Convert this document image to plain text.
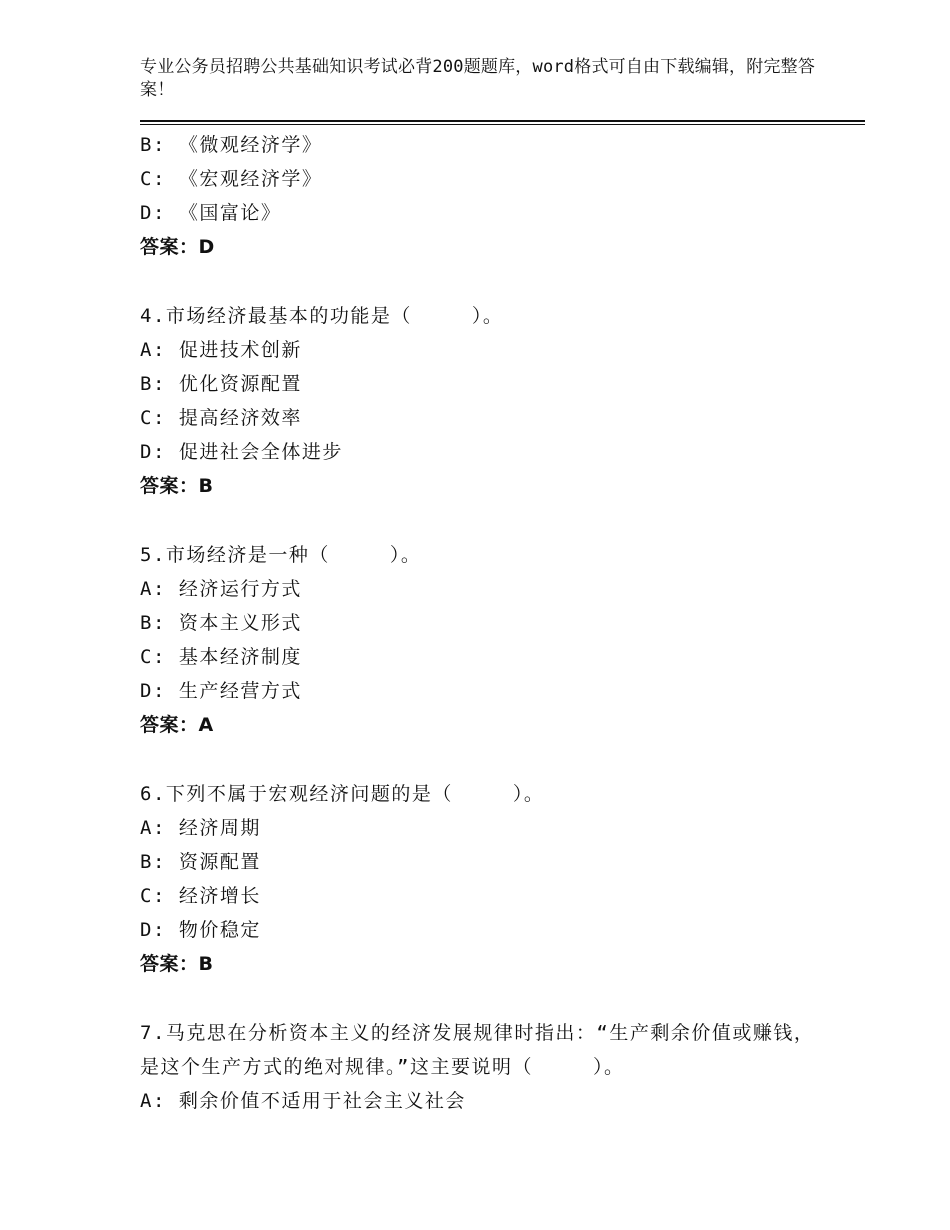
专业公务员招聘公共基础知识考试必背200题题库，word格式可自由下载编辑，附完整答案！
B: 《微观经济学》
C: 《宏观经济学》
D: 《国富论》
答案：D
4.市场经济最基本的功能是（	）。
A: 促进技术创新
B: 优化资源配置
C: 提高经济效率
D: 促进社会全体进步
答案：B
5.市场经济是一种（	）。
A: 经济运行方式
B: 资本主义形式
C: 基本经济制度
D: 生产经营方式
答案：A
6.下列不属于宏观经济问题的是（	）。
A: 经济周期
B: 资源配置
C: 经济增长
D: 物价稳定
答案：B
7.马克思在分析资本主义的经济发展规律时指出：“生产剩余价值或赚钱，是这个生产方式的绝对规律。”这主要说明（	）。
A: 剩余价值不适用于社会主义社会
